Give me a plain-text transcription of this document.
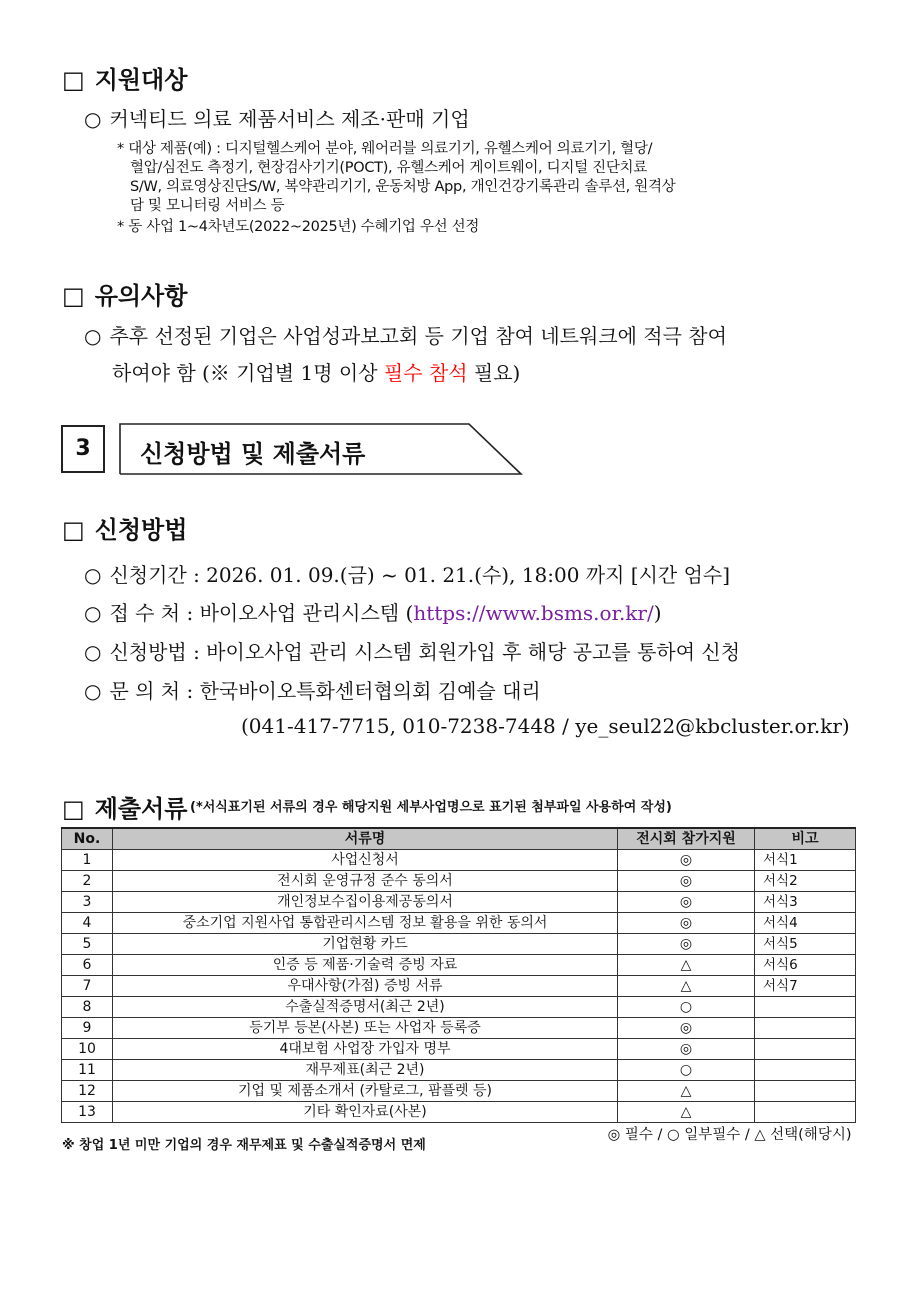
□ 지원대상
○ 커넥티드 의료 제품서비스 제조·판매 기업
* 대상 제품(예) : 디지털헬스케어 분야, 웨어러블 의료기기, 유헬스케어 의료기기, 혈당/
혈압/심전도 측정기, 현장검사기기(POCT), 유헬스케어 게이트웨이, 디지털 진단치료
S/W, 의료영상진단S/W, 복약관리기기, 운동처방 App, 개인건강기록관리 솔루션, 원격상
담 및 모니터링 서비스 등
* 동 사업 1~4차년도(2022~2025년) 수혜기업 우선 선정
□ 유의사항
○ 추후 선정된 기업은 사업성과보고회 등 기업 참여 네트워크에 적극 참여
하여야 함 (※ 기업별 1명 이상 필수 참석 필요)
3	신청방법 및 제출서류
□ 신청방법
○ 신청기간 : 2026. 01. 09.(금) ~ 01. 21.(수), 18:00 까지 [시간 엄수]
○ 접 수 처 : 바이오사업 관리시스템 (https://www.bsms.or.kr/)
○ 신청방법 : 바이오사업 관리 시스템 회원가입 후 해당 공고를 통하여 신청
○ 문 의 처 : 한국바이오특화센터협의회 김예슬 대리
(041-417-7715, 010-7238-7448 / ye_seul22@kbcluster.or.kr)
□ 제출서류 (*서식표기된 서류의 경우 해당지원 세부사업명으로 표기된 첨부파일 사용하여 작성)
No.	서류명	전시회 참가지원	비고
1	사업신청서	◎	서식1
2	전시회 운영규정 준수 동의서	◎	서식2
3	개인정보수집이용제공동의서	◎	서식3
4	중소기업 지원사업 통합관리시스템 정보 활용을 위한 동의서	◎	서식4
5	기업현황 카드	◎	서식5
6	인증 등 제품·기술력 증빙 자료	△	서식6
7	우대사항(가점) 증빙 서류	△	서식7
8	수출실적증명서(최근 2년)	○	
9	등기부 등본(사본) 또는 사업자 등록증	◎	
10	4대보험 사업장 가입자 명부	◎	
11	재무제표(최근 2년)	○	
12	기업 및 제품소개서 (카탈로그, 팜플렛 등)	△	
13	기타 확인자료(사본)	△	
◎ 필수 / ○ 일부필수 / △ 선택(해당시)			
※ 창업 1년 미만 기업의 경우 재무제표 및 수출실적증명서 면제
